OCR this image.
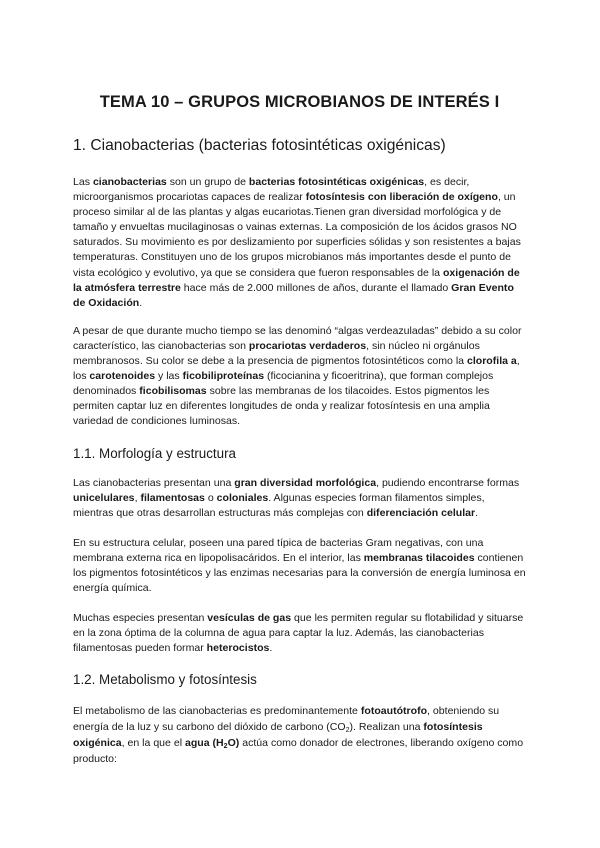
TEMA 10 – GRUPOS MICROBIANOS DE INTERÉS I
1. Cianobacterias (bacterias fotosintéticas oxigénicas)

Las cianobacterias son un grupo de bacterias fotosintéticas oxigénicas, es decir, microorganismos procariotas capaces de realizar fotosíntesis con liberación de oxígeno, un proceso similar al de las plantas y algas eucariotas.Tienen gran diversidad morfológica y de tamaño y envueltas mucilaginosas o vainas externas. La composición de los ácidos grasos NO saturados. Su movimiento es por deslizamiento por superficies sólidas y son resistentes a bajas temperaturas. Constituyen uno de los grupos microbianos más importantes desde el punto de vista ecológico y evolutivo, ya que se considera que fueron responsables de la oxigenación de la atmósfera terrestre hace más de 2.000 millones de años, durante el llamado Gran Evento de Oxidación.

A pesar de que durante mucho tiempo se las denominó “algas verdeazuladas” debido a su color característico, las cianobacterias son procariotas verdaderos, sin núcleo ni orgánulos membranosos. Su color se debe a la presencia de pigmentos fotosintéticos como la clorofila a, los carotenoides y las ficobiliproteínas (ficocianina y ficoeritrina), que forman complejos denominados ficobilisomas sobre las membranas de los tilacoides. Estos pigmentos les permiten captar luz en diferentes longitudes de onda y realizar fotosíntesis en una amplia variedad de condiciones luminosas.

1.1. Morfología y estructura

Las cianobacterias presentan una gran diversidad morfológica, pudiendo encontrarse formas unicelulares, filamentosas o coloniales. Algunas especies forman filamentos simples, mientras que otras desarrollan estructuras más complejas con diferenciación celular.

En su estructura celular, poseen una pared típica de bacterias Gram negativas, con una membrana externa rica en lipopolisacáridos. En el interior, las membranas tilacoides contienen los pigmentos fotosintéticos y las enzimas necesarias para la conversión de energía luminosa en energía química.

Muchas especies presentan vesículas de gas que les permiten regular su flotabilidad y situarse en la zona óptima de la columna de agua para captar la luz. Además, las cianobacterias filamentosas pueden formar heterocistos.

1.2. Metabolismo y fotosíntesis

El metabolismo de las cianobacterias es predominantemente fotoautótrofo, obteniendo su energía de la luz y su carbono del dióxido de carbono $(CO_2)$. Realizan una fotosíntesis oxigénica, en la que el agua $(H_2O)$ actúa como donador de electrones, liberando oxígeno como producto:
